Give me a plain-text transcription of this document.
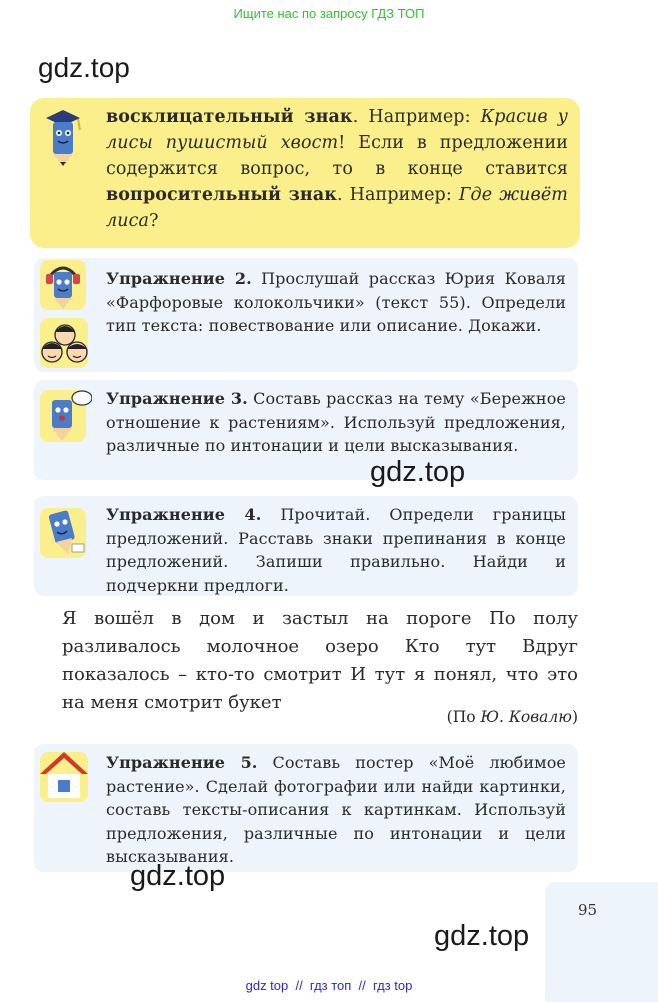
Ищите нас по запросу ГДЗ ТОП
gdz.top
восклицательный знак. Например: Красив у лисы пушистый хвост! Если в предложении содержится вопрос, то в конце ставится вопросительный знак. Например: Где живёт лиса?
Упражнение 2. Прослушай рассказ Юрия Коваля «Фарфоровые колокольчики» (текст 55). Определи тип текста: повествование или описание. Докажи.
Упражнение 3. Составь рассказ на тему «Бережное отношение к растениям». Используй предложения, различные по интонации и цели высказывания.
gdz.top
Упражнение 4. Прочитай. Определи границы предложений. Расставь знаки препинания в конце предложений. Запиши правильно. Найди и подчеркни предлоги.
Я вошёл в дом и застыл на пороге По полу разливалось молочное озеро Кто тут Вдруг показалось – кто-то смотрит И тут я понял, что это на меня смотрит букет
(По Ю. Ковалю)
Упражнение 5. Составь постер «Моё любимое растение». Сделай фотографии или найди картинки, составь тексты-описания к картинкам. Используй предложения, различные по интонации и цели высказывания.
gdz.top
95
gdz.top
gdz top  //  гдз топ  //  гдз top
